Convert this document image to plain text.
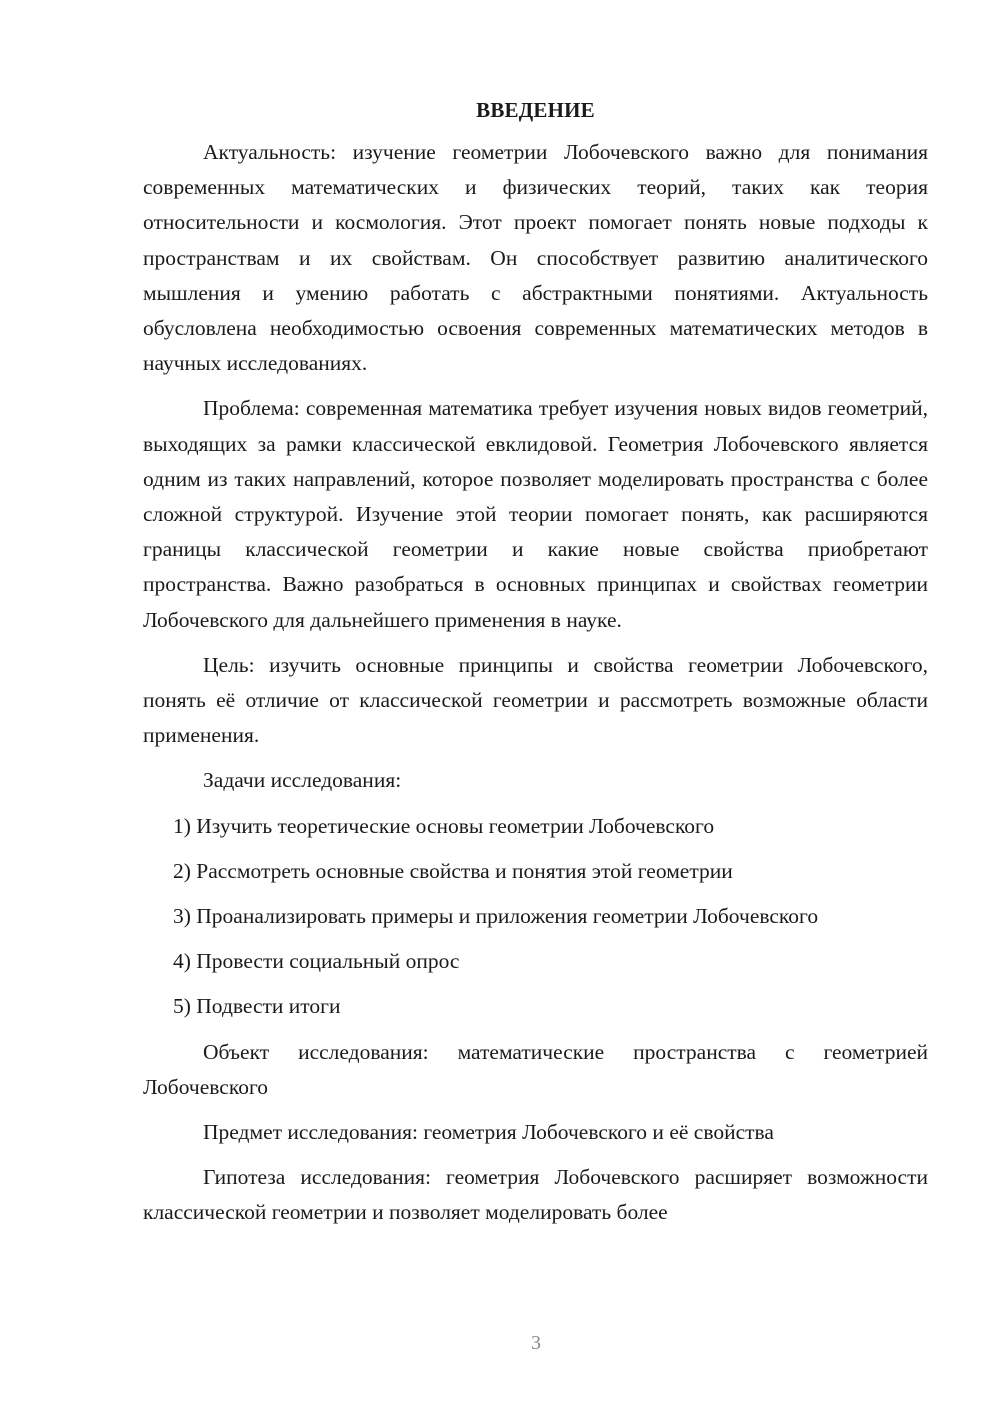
ВВЕДЕНИЕ

Актуальность: изучение геометрии Лобочевского важно для понимания современных математических и физических теорий, таких как теория относительности и космология. Этот проект помогает понять новые подходы к пространствам и их свойствам. Он способствует развитию аналитического мышления и умению работать с абстрактными понятиями. Актуальность обусловлена необходимостью освоения современных математических методов в научных исследованиях.

Проблема: современная математика требует изучения новых видов геометрий, выходящих за рамки классической евклидовой. Геометрия Лобочевского является одним из таких направлений, которое позволяет моделировать пространства с более сложной структурой. Изучение этой теории помогает понять, как расширяются границы классической геометрии и какие новые свойства приобретают пространства. Важно разобраться в основных принципах и свойствах геометрии Лобочевского для дальнейшего применения в науке.

Цель: изучить основные принципы и свойства геометрии Лобочевского, понять её отличие от классической геометрии и рассмотреть возможные области применения.

Задачи исследования:

1) Изучить теоретические основы геометрии Лобочевского

2) Рассмотреть основные свойства и понятия этой геометрии

3) Проанализировать примеры и приложения геометрии Лобочевского

4) Провести социальный опрос

5) Подвести итоги

Объект исследования: математические пространства с геометрией Лобочевского

Предмет исследования: геометрия Лобочевского и её свойства

Гипотеза исследования: геометрия Лобочевского расширяет возможности классической геометрии и позволяет моделировать более

3
